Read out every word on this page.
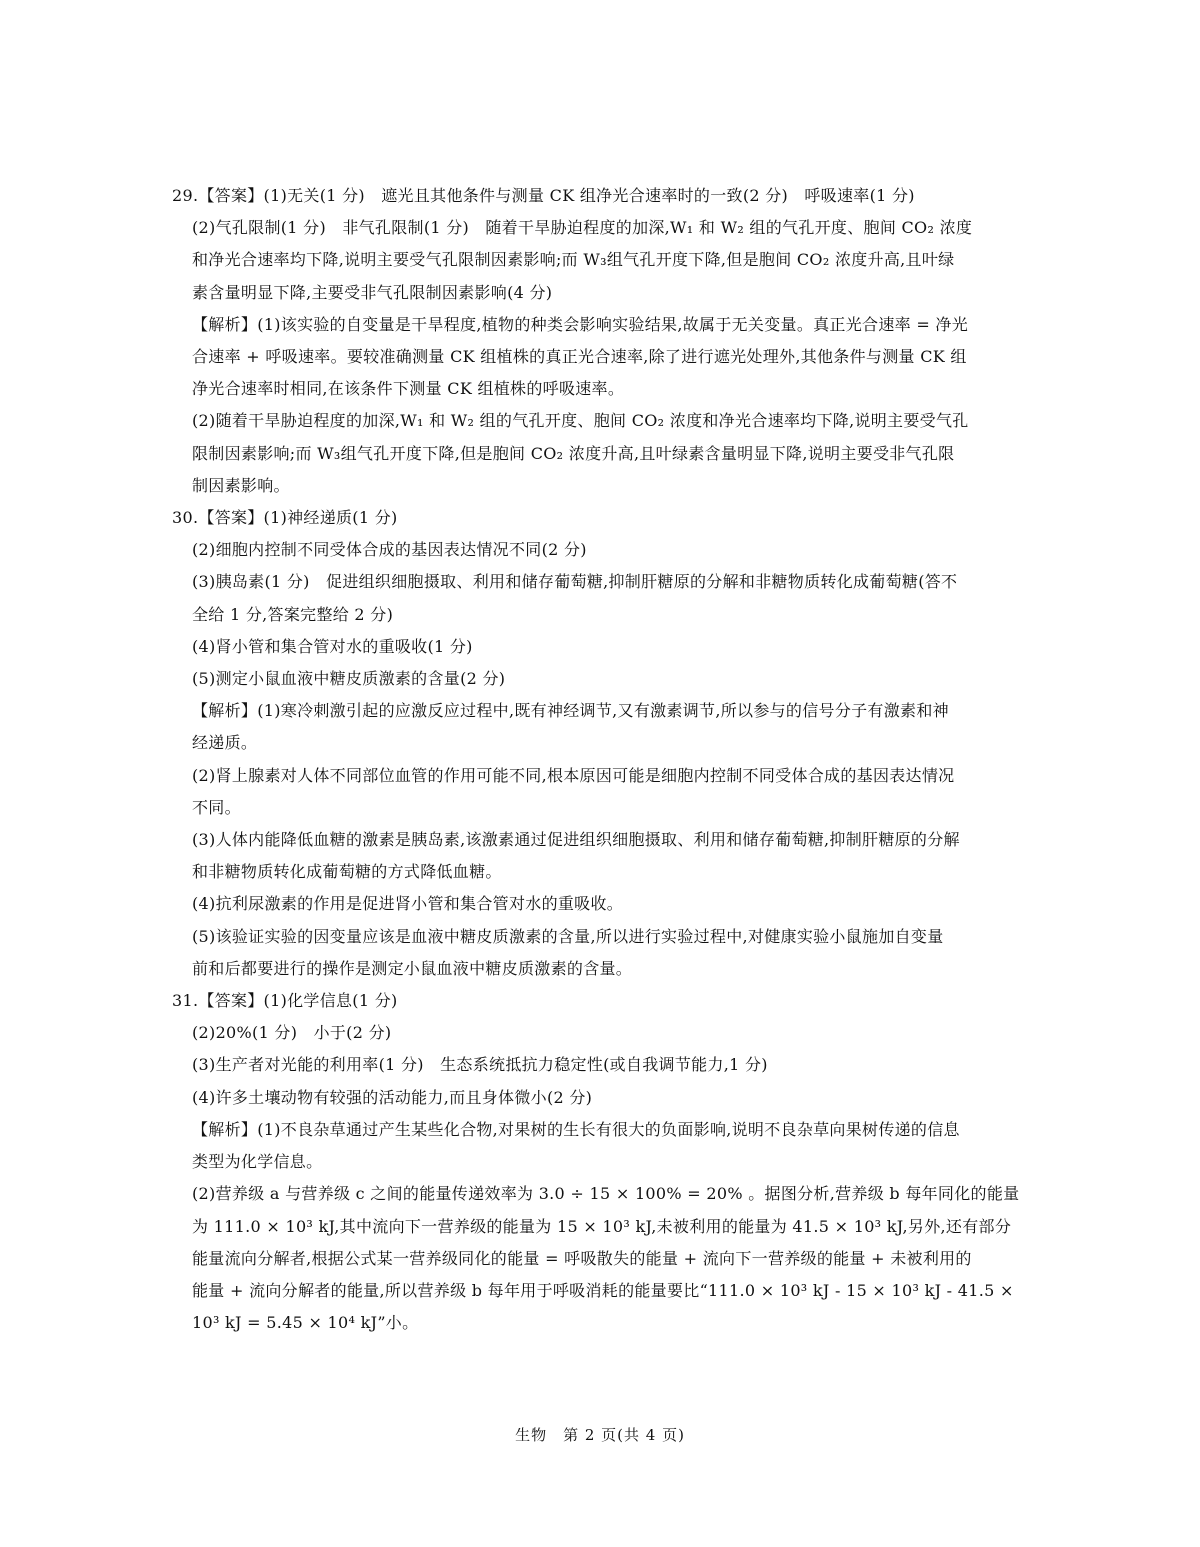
29.【答案】(1)无关(1 分)　遮光且其他条件与测量 CK 组净光合速率时的一致(2 分)　呼吸速率(1 分)
(2)气孔限制(1 分)　非气孔限制(1 分)　随着干旱胁迫程度的加深,W₁ 和 W₂ 组的气孔开度、胞间 CO₂ 浓度
和净光合速率均下降,说明主要受气孔限制因素影响;而 W₃组气孔开度下降,但是胞间 CO₂ 浓度升高,且叶绿
素含量明显下降,主要受非气孔限制因素影响(4 分)
【解析】(1)该实验的自变量是干旱程度,植物的种类会影响实验结果,故属于无关变量。真正光合速率 = 净光
合速率 + 呼吸速率。要较准确测量 CK 组植株的真正光合速率,除了进行遮光处理外,其他条件与测量 CK 组
净光合速率时相同,在该条件下测量 CK 组植株的呼吸速率。
(2)随着干旱胁迫程度的加深,W₁ 和 W₂ 组的气孔开度、胞间 CO₂ 浓度和净光合速率均下降,说明主要受气孔
限制因素影响;而 W₃组气孔开度下降,但是胞间 CO₂ 浓度升高,且叶绿素含量明显下降,说明主要受非气孔限
制因素影响。
30.【答案】(1)神经递质(1 分)
(2)细胞内控制不同受体合成的基因表达情况不同(2 分)
(3)胰岛素(1 分)　促进组织细胞摄取、利用和储存葡萄糖,抑制肝糖原的分解和非糖物质转化成葡萄糖(答不
全给 1 分,答案完整给 2 分)
(4)肾小管和集合管对水的重吸收(1 分)
(5)测定小鼠血液中糖皮质激素的含量(2 分)
【解析】(1)寒冷刺激引起的应激反应过程中,既有神经调节,又有激素调节,所以参与的信号分子有激素和神
经递质。
(2)肾上腺素对人体不同部位血管的作用可能不同,根本原因可能是细胞内控制不同受体合成的基因表达情况
不同。
(3)人体内能降低血糖的激素是胰岛素,该激素通过促进组织细胞摄取、利用和储存葡萄糖,抑制肝糖原的分解
和非糖物质转化成葡萄糖的方式降低血糖。
(4)抗利尿激素的作用是促进肾小管和集合管对水的重吸收。
(5)该验证实验的因变量应该是血液中糖皮质激素的含量,所以进行实验过程中,对健康实验小鼠施加自变量
前和后都要进行的操作是测定小鼠血液中糖皮质激素的含量。
31.【答案】(1)化学信息(1 分)
(2)20%(1 分)　小于(2 分)
(3)生产者对光能的利用率(1 分)　生态系统抵抗力稳定性(或自我调节能力,1 分)
(4)许多土壤动物有较强的活动能力,而且身体微小(2 分)
【解析】(1)不良杂草通过产生某些化合物,对果树的生长有很大的负面影响,说明不良杂草向果树传递的信息
类型为化学信息。
(2)营养级 a 与营养级 c 之间的能量传递效率为 3.0 ÷ 15 × 100% = 20% 。据图分析,营养级 b 每年同化的能量
为 111.0 × 10³ kJ,其中流向下一营养级的能量为 15 × 10³ kJ,未被利用的能量为 41.5 × 10³ kJ,另外,还有部分
能量流向分解者,根据公式某一营养级同化的能量 = 呼吸散失的能量 + 流向下一营养级的能量 + 未被利用的
能量 + 流向分解者的能量,所以营养级 b 每年用于呼吸消耗的能量要比“111.0 × 10³ kJ - 15 × 10³ kJ - 41.5 ×
10³ kJ = 5.45 × 10⁴ kJ”小。
生物　第 2 页(共 4 页)
